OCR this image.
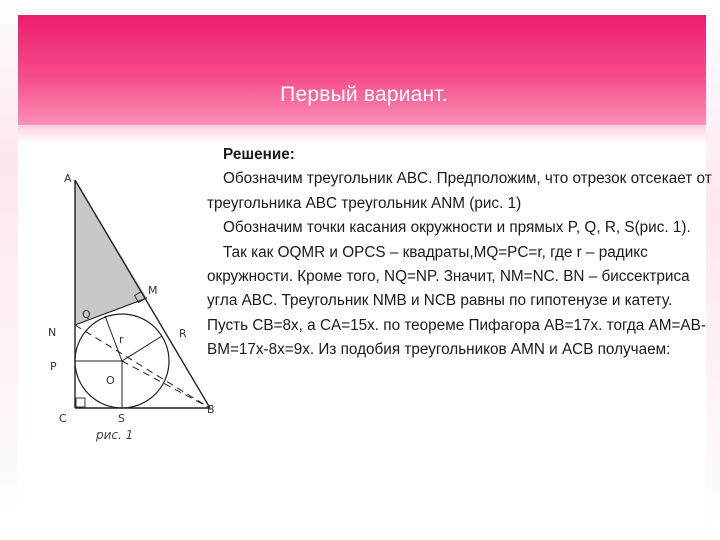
Первый вариант.
A
M
Q
N	R
r
P
O
C	S
B
рис. 1

Решение:

Обозначим треугольник ABC. Предположим, что отрезок отсекает от треугольника ABC треугольник ANM (рис. 1)

Обозначим точки касания окружности и прямых P, Q, R, S(рис. 1).

Так как OQMR и OPCS – квадраты,MQ=PC=r, где r – радикс окружности. Кроме того, NQ=NP. Значит, NM=NC. BN – биссектриса угла ABC. Треугольник NMB и NCB равны по гипотенузе и катету. Пусть CB=8x, а CA=15x. по теореме Пифагора AB=17x. тогда AM=AB-BM=17x-8x=9x. Из подобия треугольников AMN и ACB получаем:
